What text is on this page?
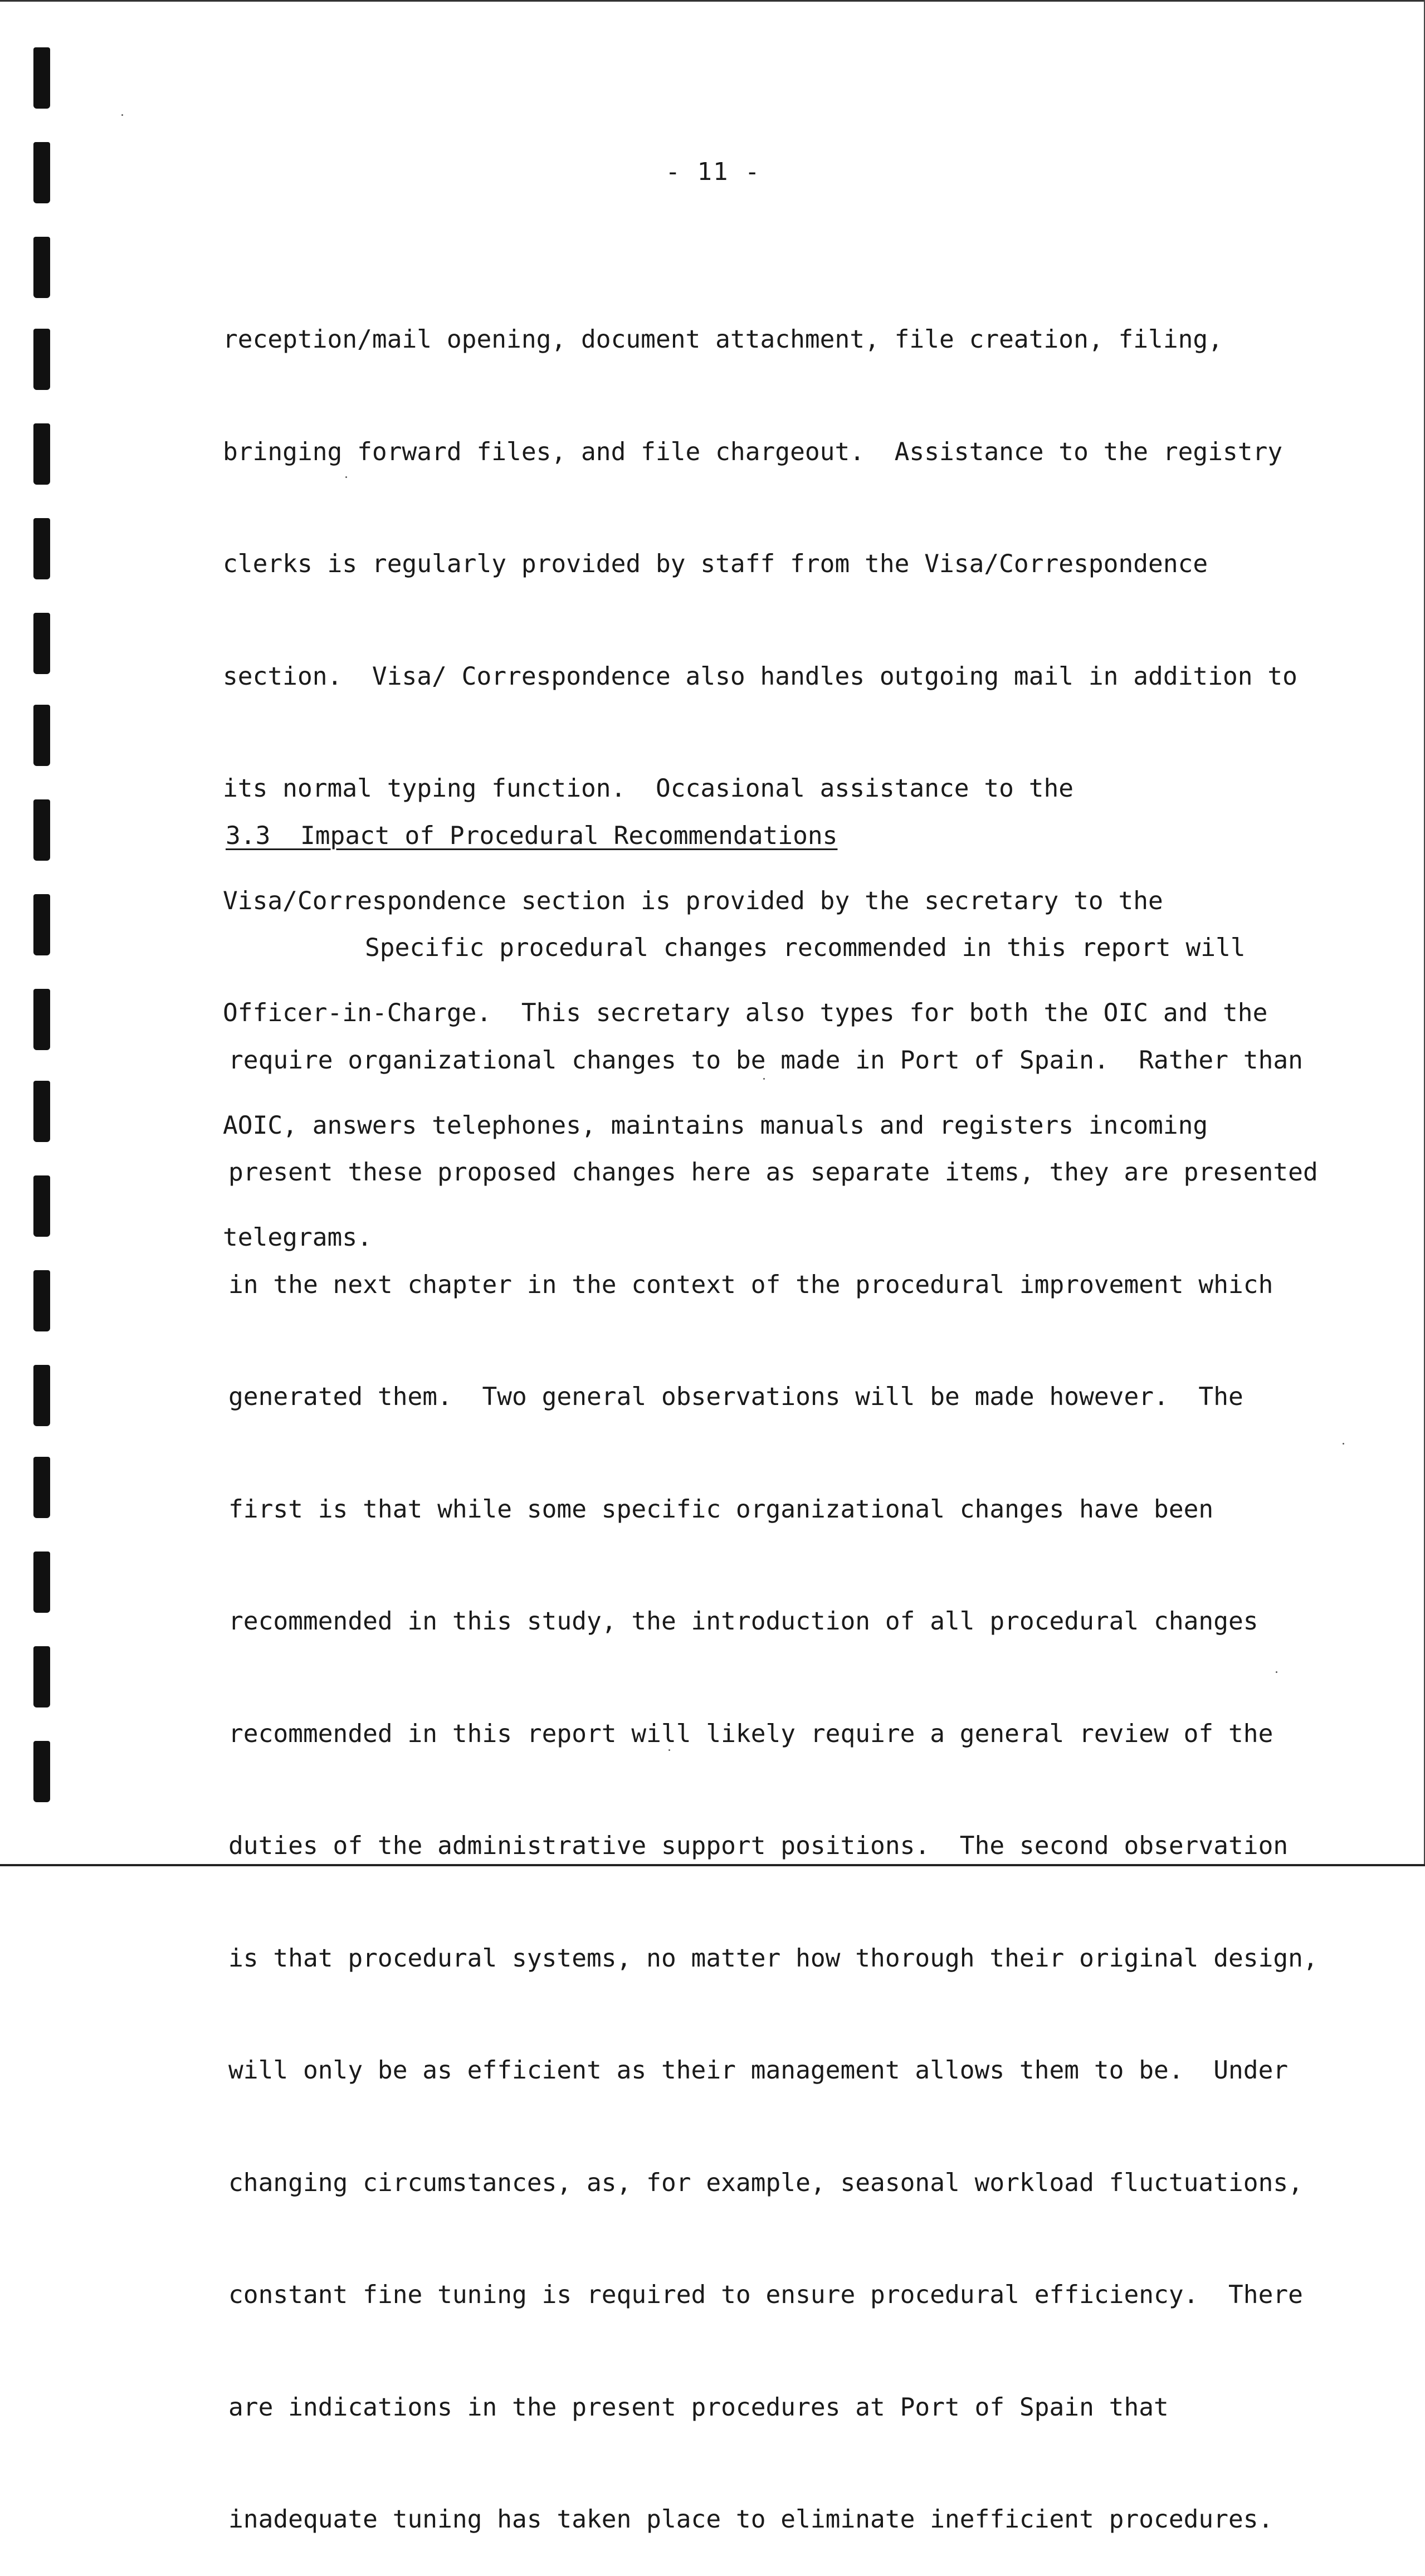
- 11 -

reception/mail opening, document attachment, file creation, filing,

bringing forward files, and file chargeout.  Assistance to the registry

clerks is regularly provided by staff from the Visa/Correspondence

section.  Visa/ Correspondence also handles outgoing mail in addition to

its normal typing function.  Occasional assistance to the

Visa/Correspondence section is provided by the secretary to the

Officer-in-Charge.  This secretary also types for both the OIC and the

AOIC, answers telephones, maintains manuals and registers incoming

telegrams.

3.3  Impact of Procedural Recommendations

Specific procedural changes recommended in this report will

require organizational changes to be made in Port of Spain.  Rather than

present these proposed changes here as separate items, they are presented

in the next chapter in the context of the procedural improvement which

generated them.  Two general observations will be made however.  The

first is that while some specific organizational changes have been

recommended in this study, the introduction of all procedural changes

recommended in this report will likely require a general review of the

duties of the administrative support positions.  The second observation

is that procedural systems, no matter how thorough their original design,

will only be as efficient as their management allows them to be.  Under

changing circumstances, as, for example, seasonal workload fluctuations,

constant fine tuning is required to ensure procedural efficiency.  There

are indications in the present procedures at Port of Spain that

inadequate tuning has taken place to eliminate inefficient procedures.
